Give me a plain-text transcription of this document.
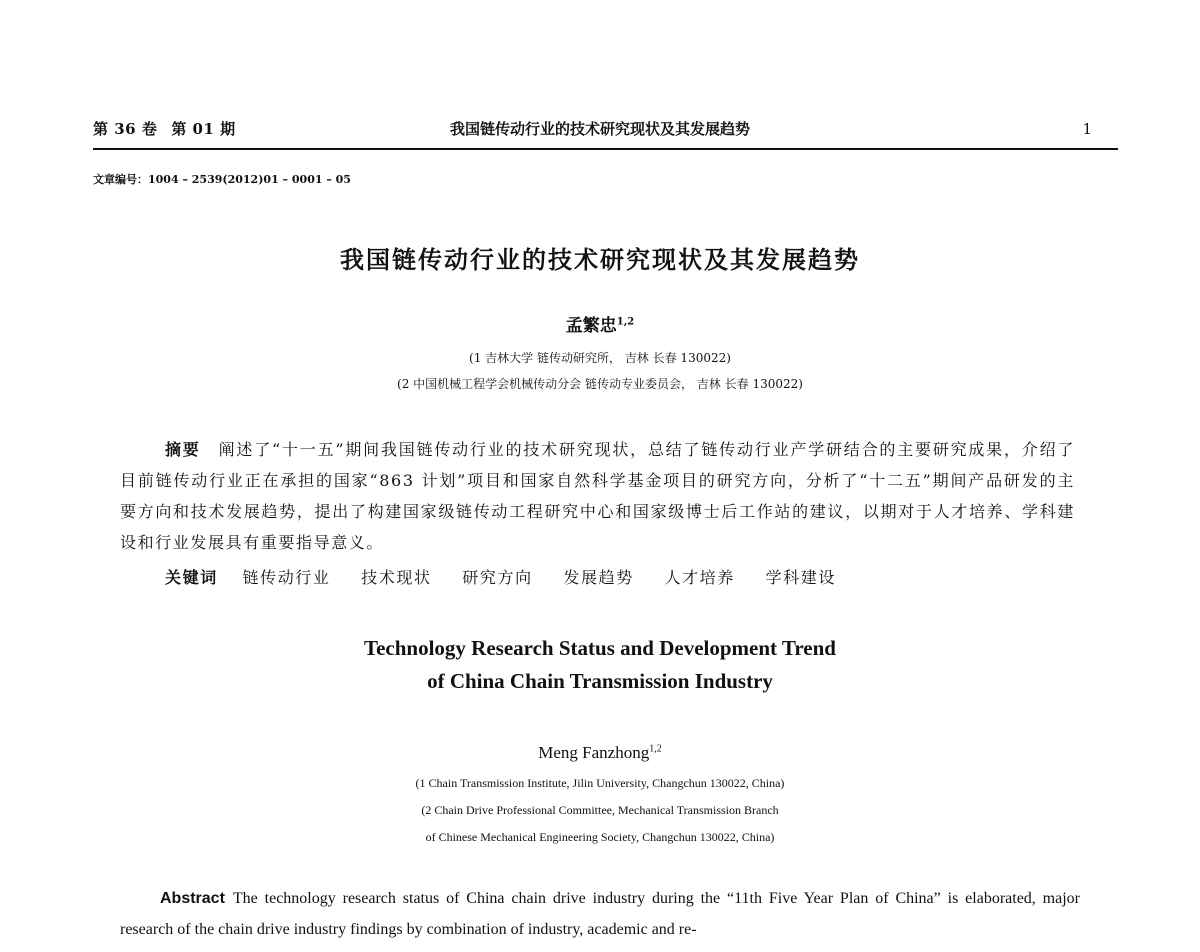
第 36 卷 第 01 期	我国链传动行业的技术研究现状及其发展趋势	1
文章编号：1004 – 2539(2012)01 – 0001 – 05
我国链传动行业的技术研究现状及其发展趋势
孟繁忠$^{1,2}$
(1 吉林大学 链传动研究所， 吉林 长春 130022)
(2 中国机械工程学会机械传动分会 链传动专业委员会， 吉林 长春 130022)
摘要 阐述了“十一五”期间我国链传动行业的技术研究现状，总结了链传动行业产学研结合的主要研究成果，介绍了目前链传动行业正在承担的国家“863 计划”项目和国家自然科学基金项目的研究方向，分析了“十二五”期间产品研发的主要方向和技术发展趋势，提出了构建国家级链传动工程研究中心和国家级博士后工作站的建议，以期对于人才培养、学科建设和行业发展具有重要指导意义。
关键词 链传动行业 技术现状 研究方向 发展趋势 人才培养 学科建设
Technology Research Status and Development Trend
of China Chain Transmission Industry
Meng Fanzhong$^{1,2}$
(1 Chain Transmission Institute, Jilin University, Changchun 130022, China)
(2 Chain Drive Professional Committee, Mechanical Transmission Branch
of Chinese Mechanical Engineering Society, Changchun 130022, China)
Abstract The technology research status of China chain drive industry during the “11th Five Year Plan of China” is elaborated, major research of the chain drive industry findings by combination of industry, academic and re-
